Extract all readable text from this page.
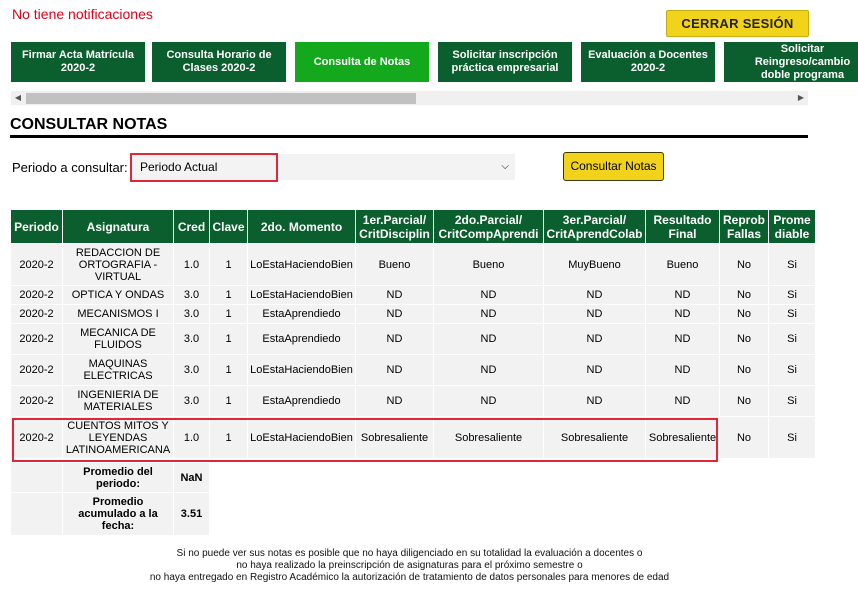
No tiene notificaciones
CERRAR SESIÓN
Firmar Acta Matrícula 2020-2
Consulta Horario de Clases 2020-2
Consulta de Notas
Solicitar inscripción práctica empresarial
Evaluación a Docentes 2020-2
Solicitar Reingreso/cambio doble programa
◀	▶
CONSULTAR NOTAS
Periodo a consultar:	Periodo Actual	⌵	Consultar Notas
Periodo	Asignatura	Cred	Clave	2do. Momento	1er.Parcial/ CritDisciplin	2do.Parcial/ CritCompAprendi	3er.Parcial/ CritAprendColab	Resultado Final	Reprob Fallas	Prome diable
2020-2	REDACCION DE ORTOGRAFIA - VIRTUAL	1.0	1	LoEstaHaciendoBien	Bueno	Bueno	MuyBueno	Bueno	No	Si
2020-2	OPTICA Y ONDAS	3.0	1	LoEstaHaciendoBien	ND	ND	ND	ND	No	Si
2020-2	MECANISMOS I	3.0	1	EstaAprendiedo	ND	ND	ND	ND	No	Si
2020-2	MECANICA DE FLUIDOS	3.0	1	EstaAprendiedo	ND	ND	ND	ND	No	Si
2020-2	MAQUINAS ELECTRICAS	3.0	1	LoEstaHaciendoBien	ND	ND	ND	ND	No	Si
2020-2	INGENIERIA DE MATERIALES	3.0	1	EstaAprendiedo	ND	ND	ND	ND	No	Si
2020-2	CUENTOS MITOS Y LEYENDAS LATINOAMERICANA	1.0	1	LoEstaHaciendoBien	Sobresaliente	Sobresaliente	Sobresaliente	Sobresaliente	No	Si
	Promedio del periodo:	NaN
	Promedio acumulado a la fecha:	3.51
Si no puede ver sus notas es posible que no haya diligenciado en su totalidad la evaluación a docentes o
no haya realizado la preinscripción de asignaturas para el próximo semestre o
no haya entregado en Registro Académico la autorización de tratamiento de datos personales para menores de edad
